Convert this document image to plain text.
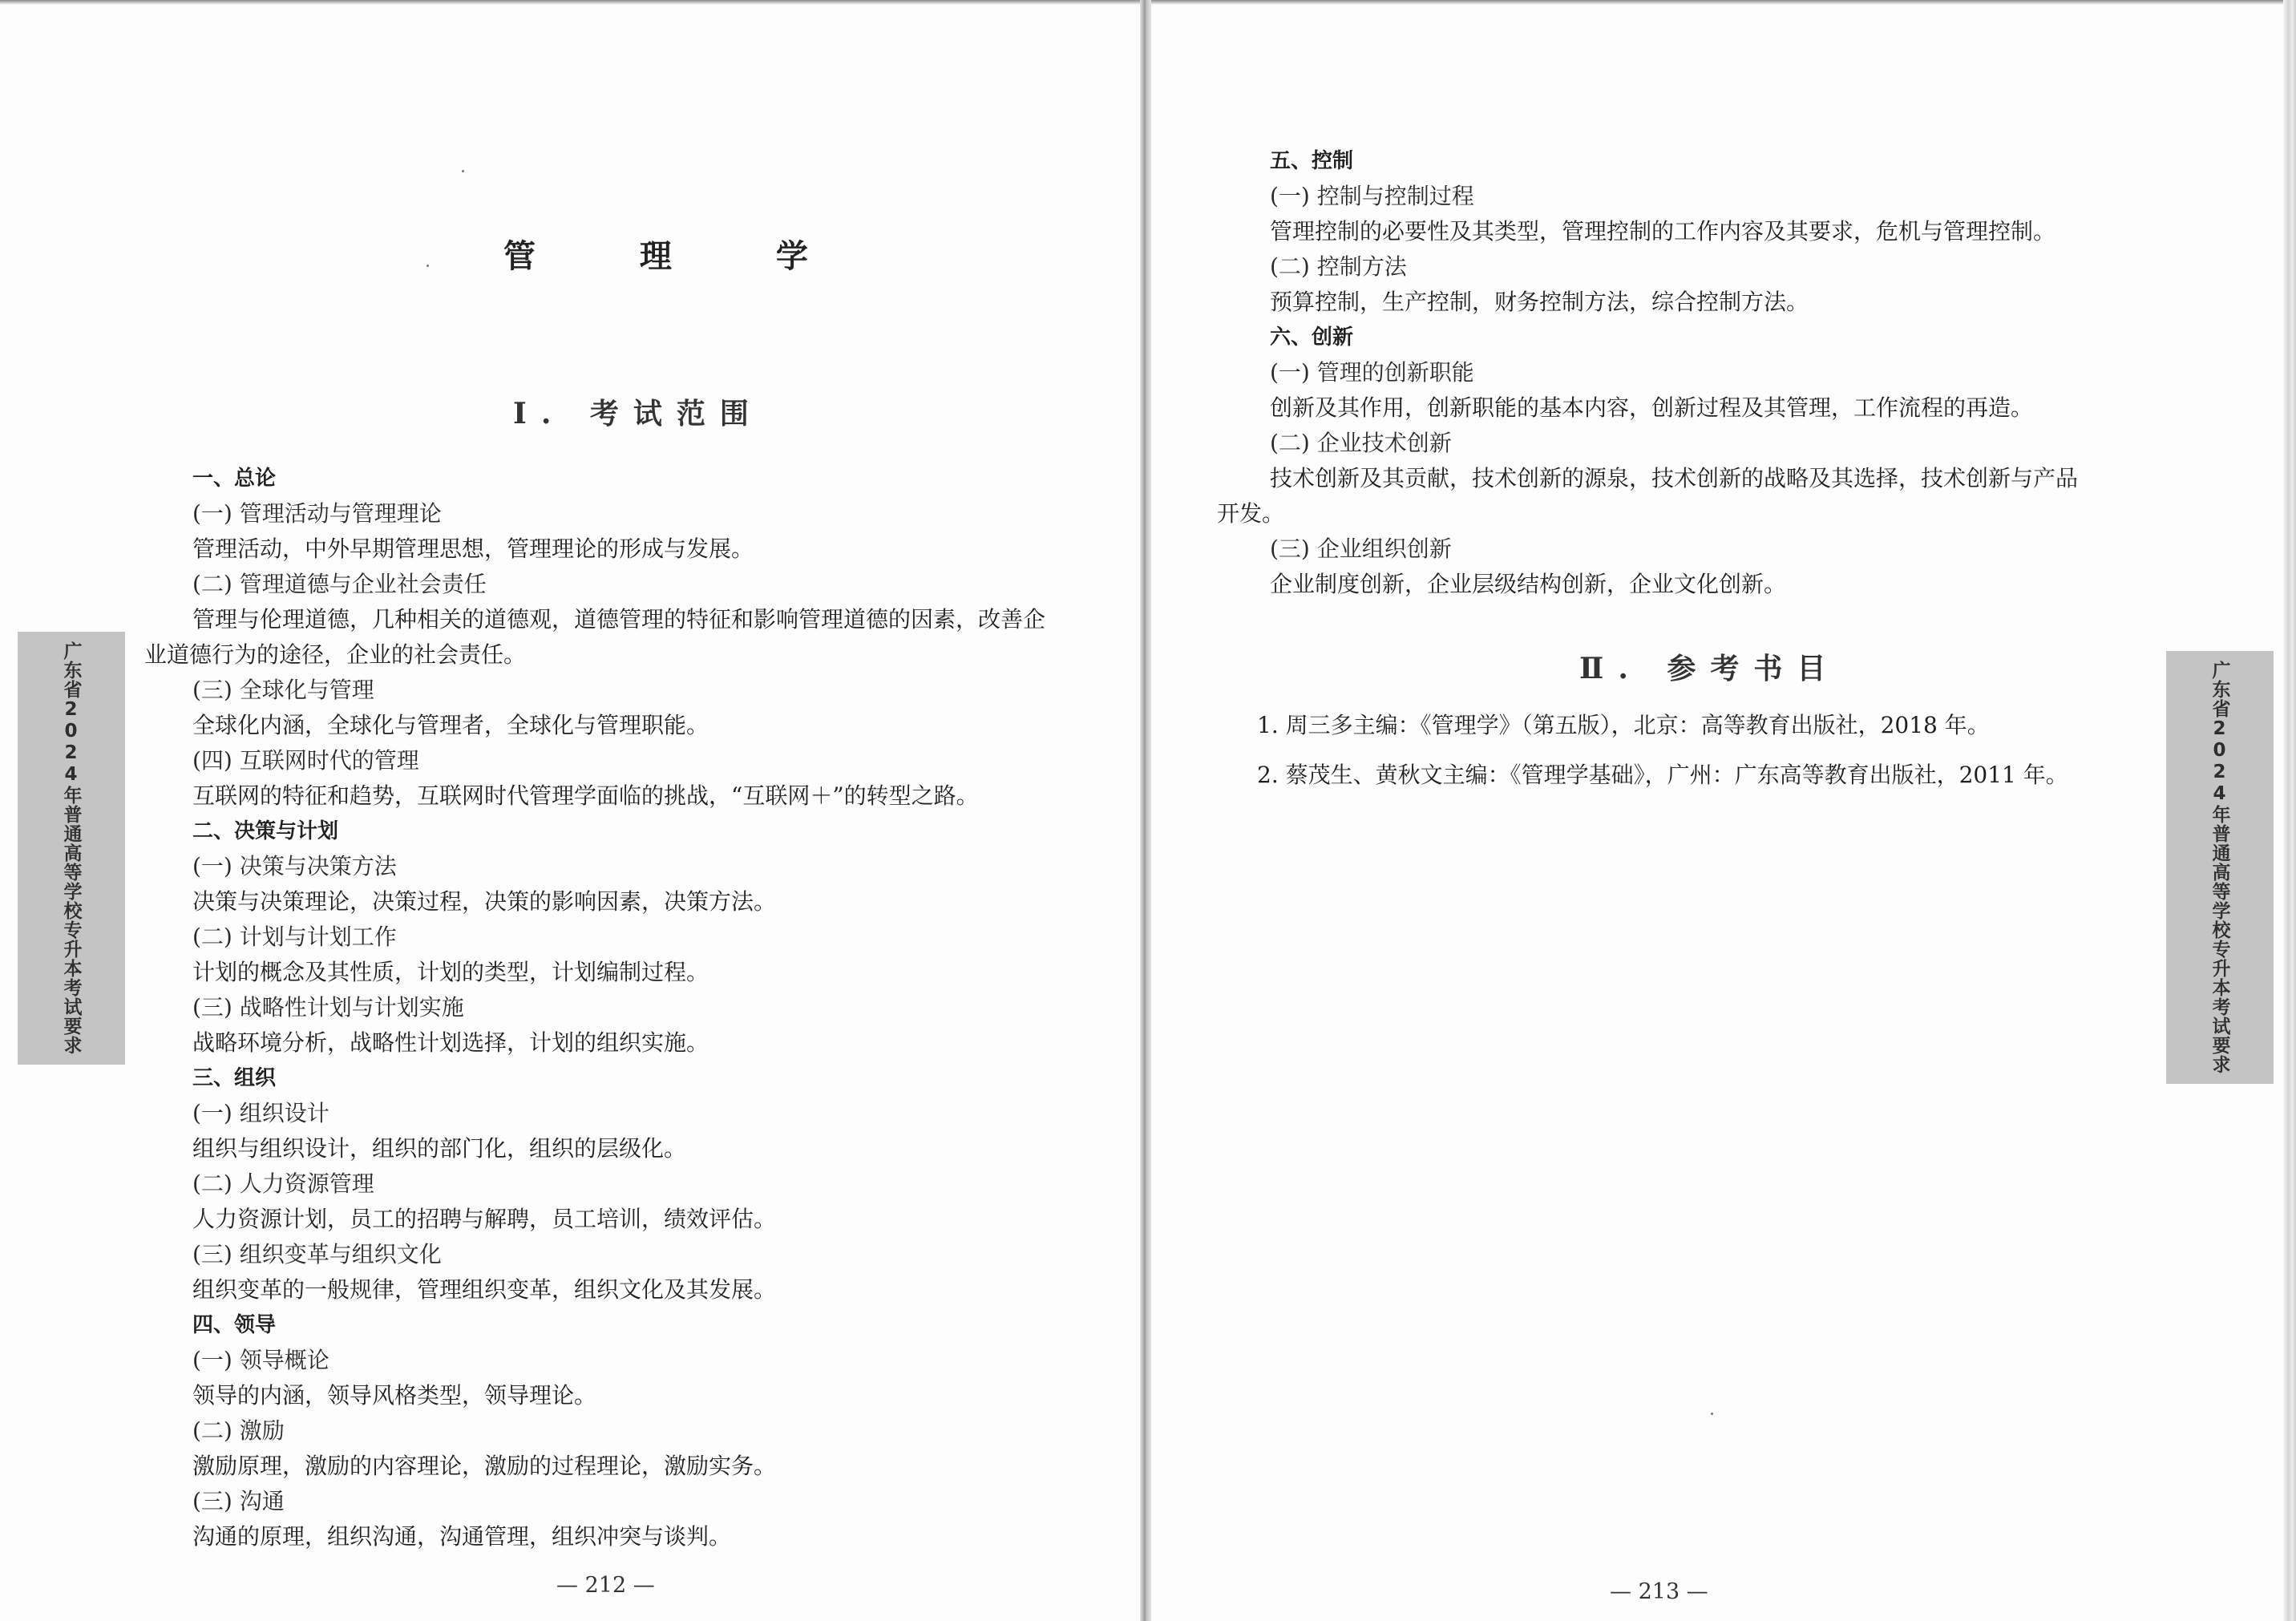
管 理 学
Ⅰ. 考试范围
一、总论
(一) 管理活动与管理理论
管理活动，中外早期管理思想，管理理论的形成与发展。
(二) 管理道德与企业社会责任
管理与伦理道德，几种相关的道德观，道德管理的特征和影响管理道德的因素，改善企
业道德行为的途径，企业的社会责任。
(三) 全球化与管理
全球化内涵，全球化与管理者，全球化与管理职能。
(四) 互联网时代的管理
互联网的特征和趋势，互联网时代管理学面临的挑战，“互联网＋”的转型之路。
二、决策与计划
(一) 决策与决策方法
决策与决策理论，决策过程，决策的影响因素，决策方法。
(二) 计划与计划工作
计划的概念及其性质，计划的类型，计划编制过程。
(三) 战略性计划与计划实施
战略环境分析，战略性计划选择，计划的组织实施。
三、组织
(一) 组织设计
组织与组织设计，组织的部门化，组织的层级化。
(二) 人力资源管理
人力资源计划，员工的招聘与解聘，员工培训，绩效评估。
(三) 组织变革与组织文化
组织变革的一般规律，管理组织变革，组织文化及其发展。
四、领导
(一) 领导概论
领导的内涵，领导风格类型，领导理论。
(二) 激励
激励原理，激励的内容理论，激励的过程理论，激励实务。
(三) 沟通
沟通的原理，组织沟通，沟通管理，组织冲突与谈判。
— 212 —
五、控制
(一) 控制与控制过程
管理控制的必要性及其类型，管理控制的工作内容及其要求，危机与管理控制。
(二) 控制方法
预算控制，生产控制，财务控制方法，综合控制方法。
六、创新
(一) 管理的创新职能
创新及其作用，创新职能的基本内容，创新过程及其管理，工作流程的再造。
(二) 企业技术创新
技术创新及其贡献，技术创新的源泉，技术创新的战略及其选择，技术创新与产品
开发。
(三) 企业组织创新
企业制度创新，企业层级结构创新，企业文化创新。
Ⅱ. 参考书目
1. 周三多主编：《管理学》（第五版），北京：高等教育出版社，2018 年。
2. 蔡茂生、黄秋文主编：《管理学基础》，广州：广东高等教育出版社，2011 年。
— 213 —
广东省2024年普通高等学校专升本考试要求	广东省2024年普通高等学校专升本考试要求
